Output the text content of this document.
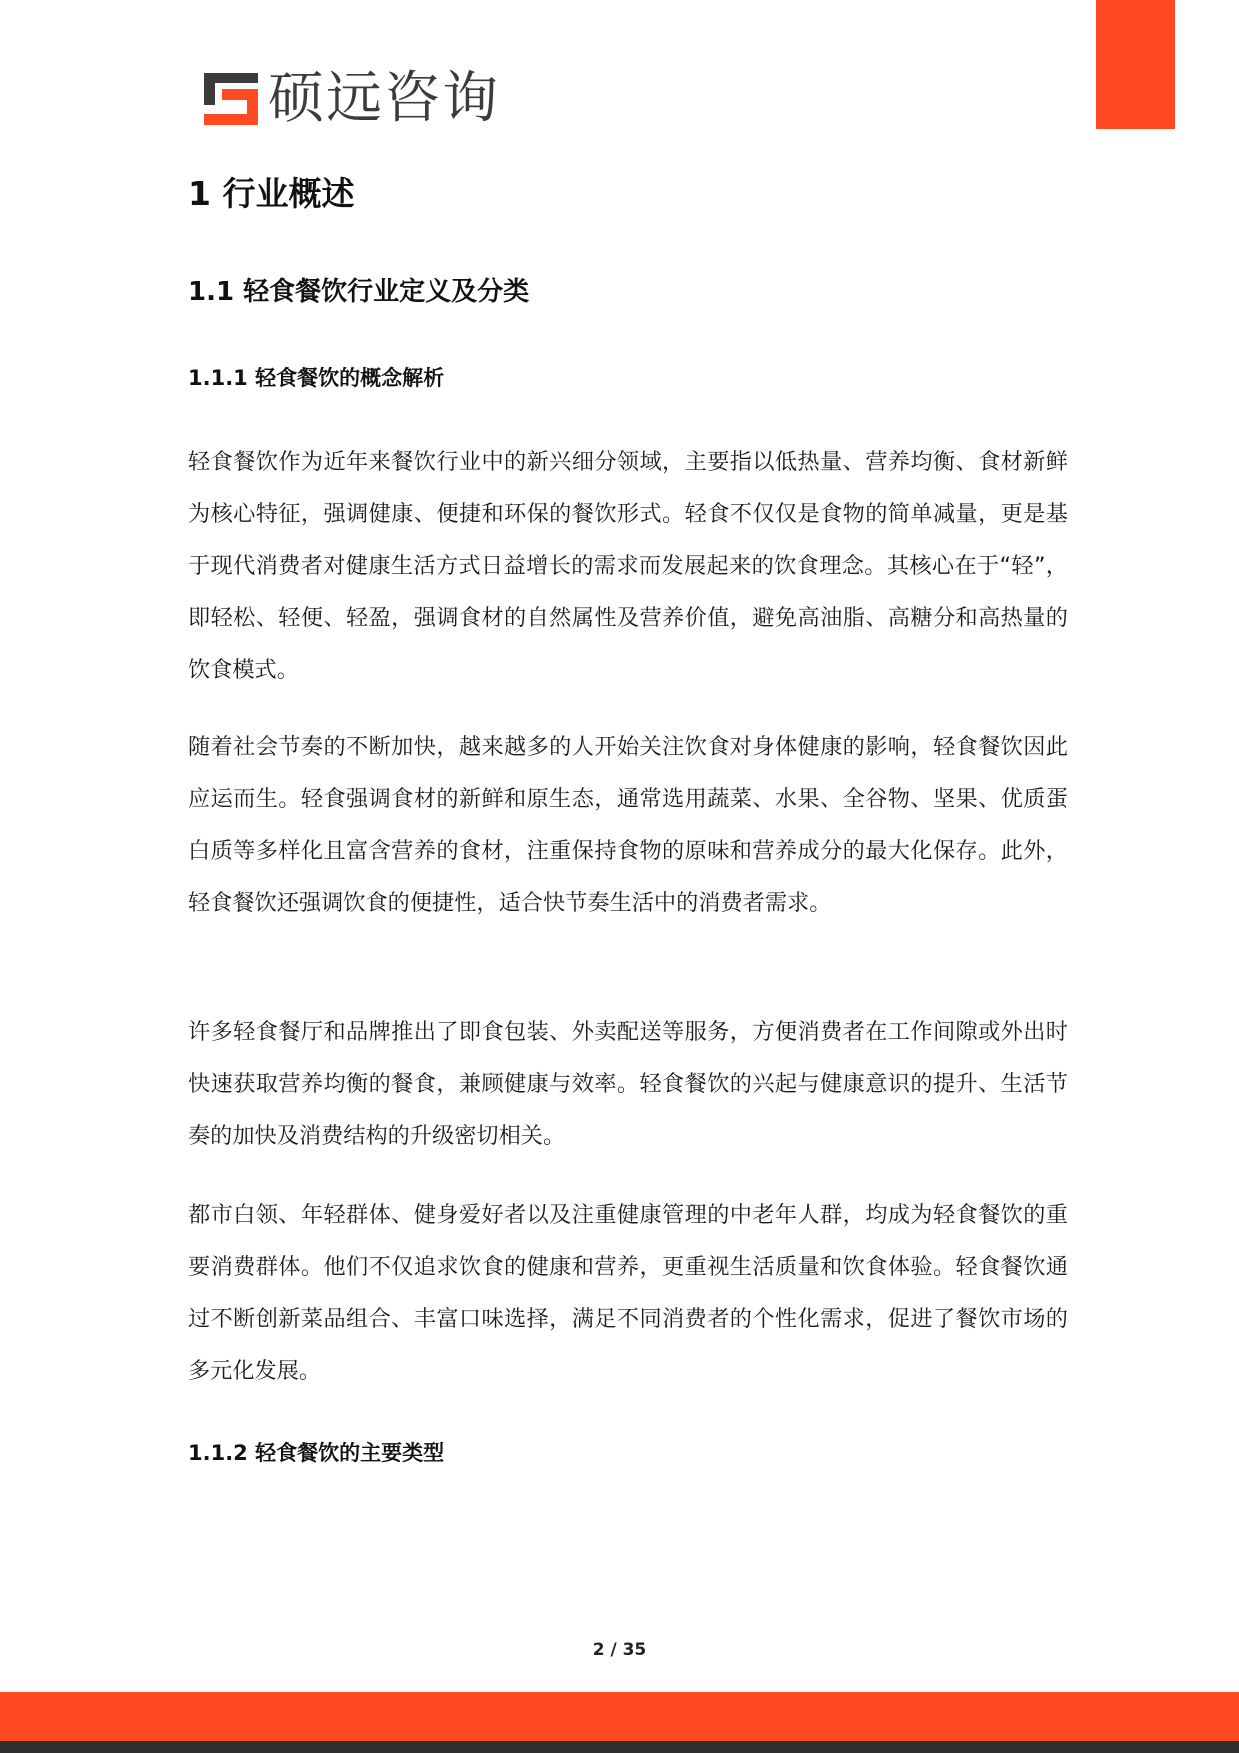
硕远咨询
1 行业概述
1.1 轻食餐饮行业定义及分类
1.1.1 轻食餐饮的概念解析

轻食餐饮作为近年来餐饮行业中的新兴细分领域，主要指以低热量、营养均衡、食材新鲜为核心特征，强调健康、便捷和环保的餐饮形式。轻食不仅仅是食物的简单减量，更是基于现代消费者对健康生活方式日益增长的需求而发展起来的饮食理念。其核心在于“轻”，即轻松、轻便、轻盈，强调食材的自然属性及营养价值，避免高油脂、高糖分和高热量的饮食模式。

随着社会节奏的不断加快，越来越多的人开始关注饮食对身体健康的影响，轻食餐饮因此应运而生。轻食强调食材的新鲜和原生态，通常选用蔬菜、水果、全谷物、坚果、优质蛋白质等多样化且富含营养的食材，注重保持食物的原味和营养成分的最大化保存。此外，轻食餐饮还强调饮食的便捷性，适合快节奏生活中的消费者需求。

许多轻食餐厅和品牌推出了即食包装、外卖配送等服务，方便消费者在工作间隙或外出时快速获取营养均衡的餐食，兼顾健康与效率。轻食餐饮的兴起与健康意识的提升、生活节奏的加快及消费结构的升级密切相关。

都市白领、年轻群体、健身爱好者以及注重健康管理的中老年人群，均成为轻食餐饮的重要消费群体。他们不仅追求饮食的健康和营养，更重视生活质量和饮食体验。轻食餐饮通过不断创新菜品组合、丰富口味选择，满足不同消费者的个性化需求，促进了餐饮市场的多元化发展。

1.1.2 轻食餐饮的主要类型
2 / 35
